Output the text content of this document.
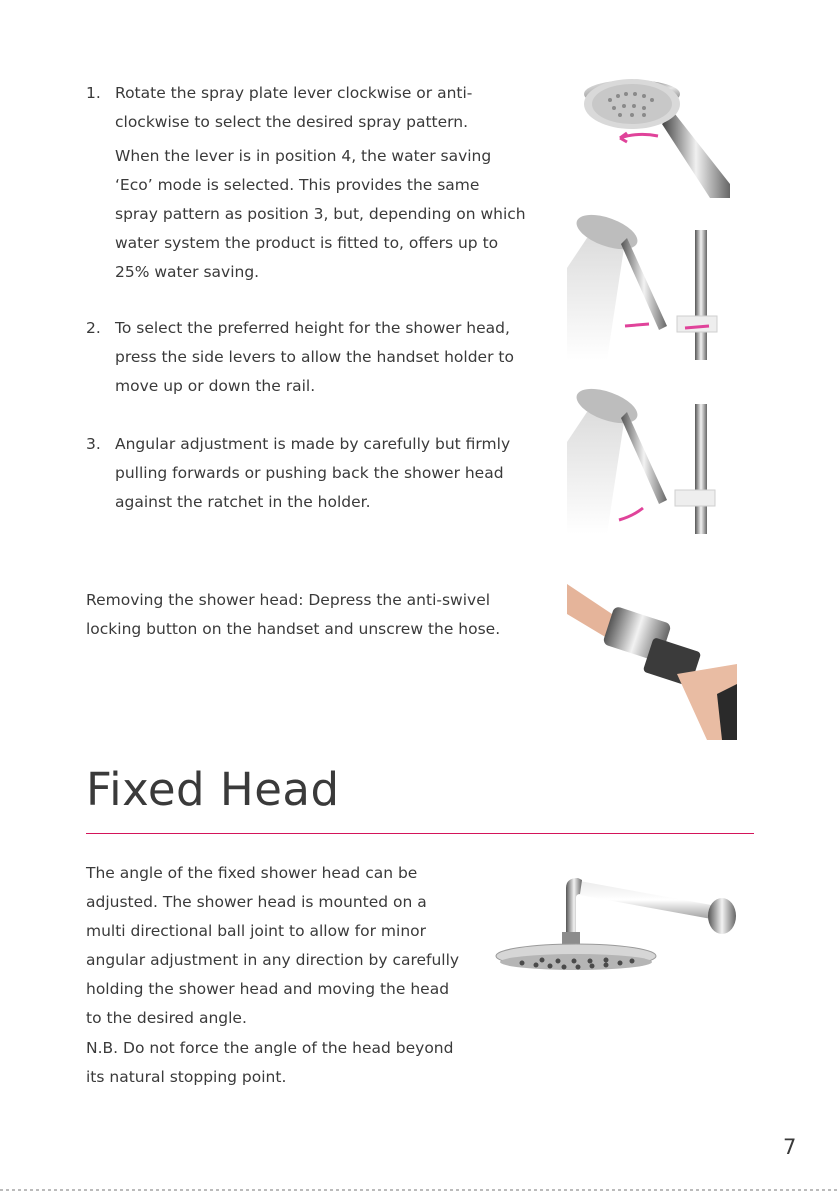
1. Rotate the spray plate lever clockwise or anti-clockwise to select the desired spray pattern.
When the lever is in position 4, the water saving ‘Eco’ mode is selected. This provides the same spray pattern as position 3, but, depending on which water system the product is fitted to, offers up to 25% water saving.
2. To select the preferred height for the shower head, press the side levers to allow the handset holder to move up or down the rail.
3. Angular adjustment is made by carefully but firmly pulling forwards or pushing back the shower head against the ratchet in the holder.
Removing the shower head: Depress the anti-swivel locking button on the handset and unscrew the hose.
Fixed Head
The angle of the fixed shower head can be adjusted. The shower head is mounted on a multi directional ball joint to allow for minor angular adjustment in any direction by carefully holding the shower head and moving the head to the desired angle.
N.B. Do not force the angle of the head beyond its natural stopping point.
7
